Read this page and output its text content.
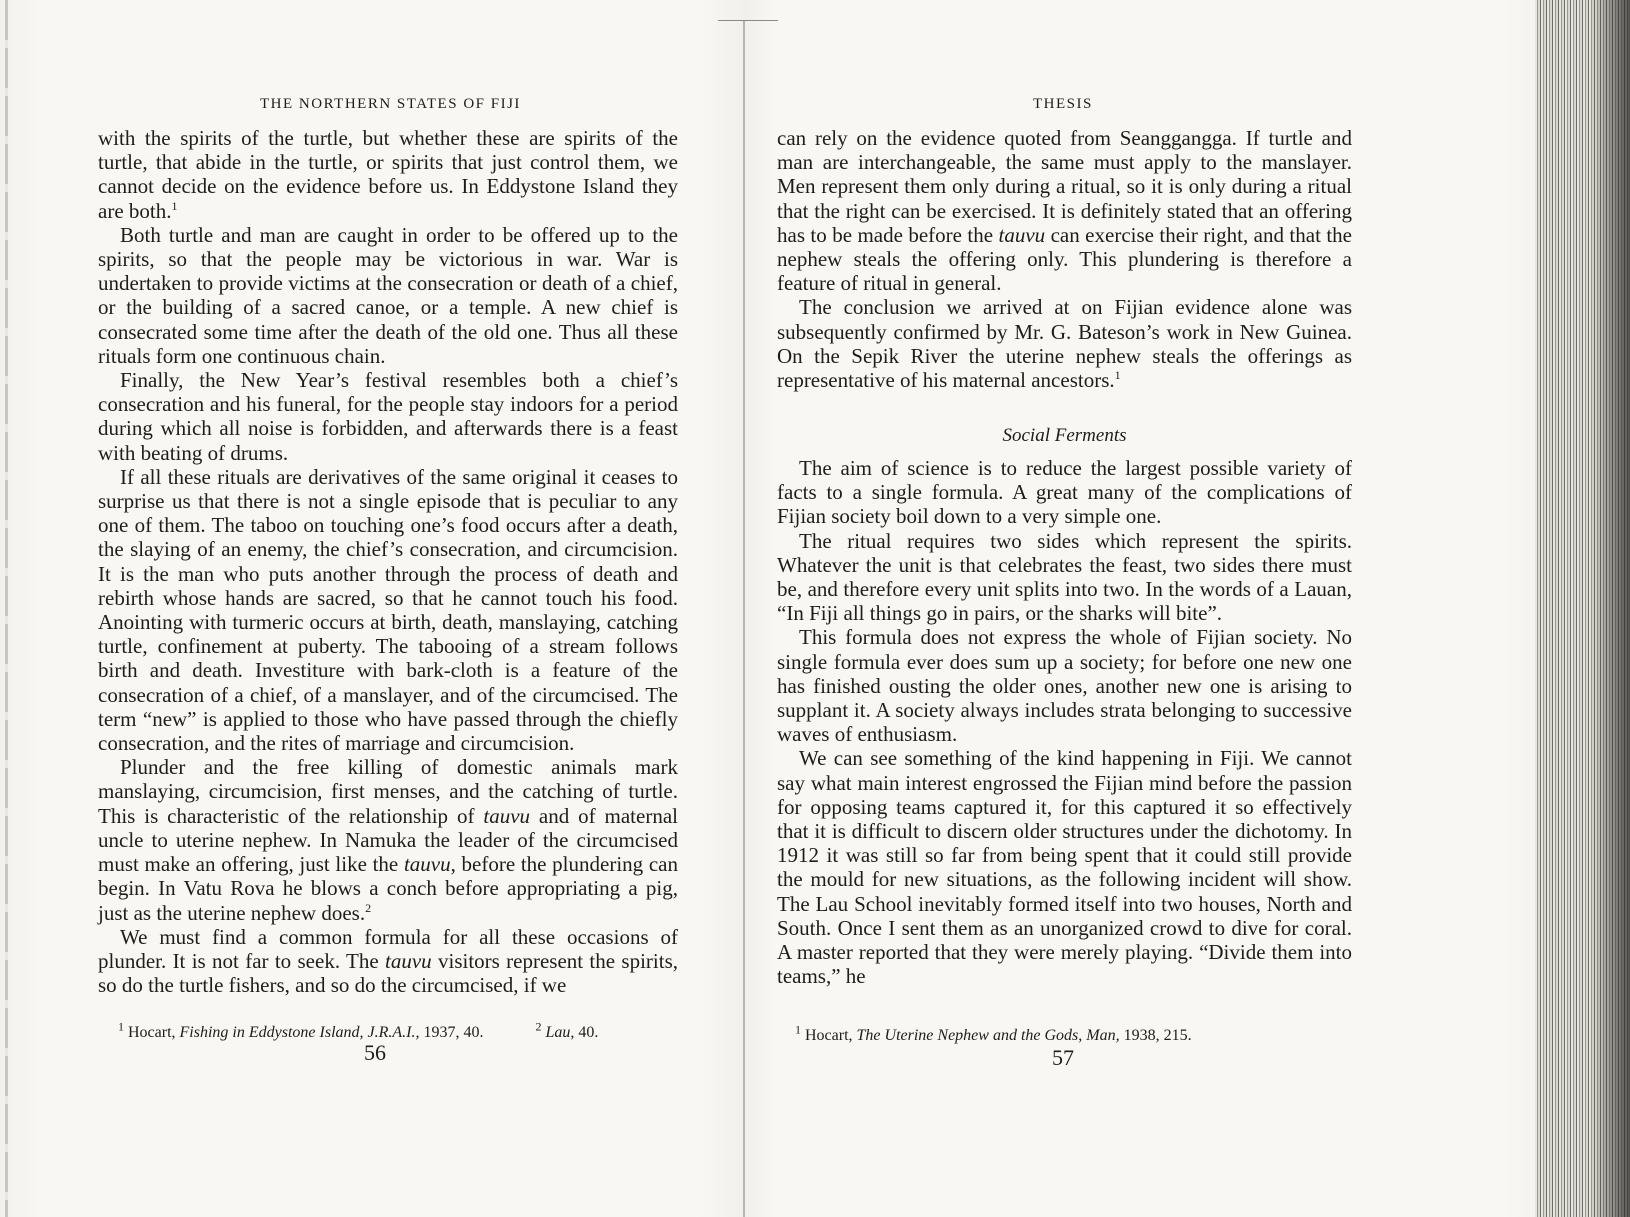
THE NORTHERN STATES OF FIJI

with the spirits of the turtle, but whether these are spirits of the turtle, that abide in the turtle, or spirits that just control them, we cannot decide on the evidence before us. In Eddystone Island they are both.$^1$

Both turtle and man are caught in order to be offered up to the spirits, so that the people may be victorious in war. War is undertaken to provide victims at the consecration or death of a chief, or the building of a sacred canoe, or a temple. A new chief is consecrated some time after the death of the old one. Thus all these rituals form one continuous chain.

Finally, the New Year’s festival resembles both a chief’s consecration and his funeral, for the people stay indoors for a period during which all noise is forbidden, and afterwards there is a feast with beating of drums.

If all these rituals are derivatives of the same original it ceases to surprise us that there is not a single episode that is peculiar to any one of them. The taboo on touching one’s food occurs after a death, the slaying of an enemy, the chief’s consecration, and circumcision. It is the man who puts another through the process of death and rebirth whose hands are sacred, so that he cannot touch his food. Anointing with turmeric occurs at birth, death, manslaying, catching turtle, confinement at puberty. The tabooing of a stream follows birth and death. Investiture with bark-cloth is a feature of the consecration of a chief, of a manslayer, and of the circumcised. The term “new” is applied to those who have passed through the chiefly consecration, and the rites of marriage and circumcision.

Plunder and the free killing of domestic animals mark manslaying, circumcision, first menses, and the catching of turtle. This is characteristic of the relationship of tauvu and of maternal uncle to uterine nephew. In Namuka the leader of the circumcised must make an offering, just like the tauvu, before the plundering can begin. In Vatu Rova he blows a conch before appropriating a pig, just as the uterine nephew does.$^2$

We must find a common formula for all these occasions of plunder. It is not far to seek. The tauvu visitors represent the spirits, so do the turtle fishers, and so do the circumcised, if we

$^1$ Hocart, Fishing in Eddystone Island, J.R.A.I., 1937, 40.	$^2$ Lau, 40.
56
THESIS

can rely on the evidence quoted from Seanggangga. If turtle and man are interchangeable, the same must apply to the manslayer. Men represent them only during a ritual, so it is only during a ritual that the right can be exercised. It is definitely stated that an offering has to be made before the tauvu can exercise their right, and that the nephew steals the offering only. This plundering is therefore a feature of ritual in general.

The conclusion we arrived at on Fijian evidence alone was subsequently confirmed by Mr. G. Bateson’s work in New Guinea. On the Sepik River the uterine nephew steals the offerings as representative of his maternal ancestors.$^1$

Social Ferments

The aim of science is to reduce the largest possible variety of facts to a single formula. A great many of the complications of Fijian society boil down to a very simple one.

The ritual requires two sides which represent the spirits. Whatever the unit is that celebrates the feast, two sides there must be, and therefore every unit splits into two. In the words of a Lauan, “In Fiji all things go in pairs, or the sharks will bite”.

This formula does not express the whole of Fijian society. No single formula ever does sum up a society; for before one new one has finished ousting the older ones, another new one is arising to supplant it. A society always includes strata belonging to successive waves of enthusiasm.

We can see something of the kind happening in Fiji. We cannot say what main interest engrossed the Fijian mind before the passion for opposing teams captured it, for this captured it so effectively that it is difficult to discern older structures under the dichotomy. In 1912 it was still so far from being spent that it could still provide the mould for new situations, as the following incident will show. The Lau School inevitably formed itself into two houses, North and South. Once I sent them as an unorganized crowd to dive for coral. A master reported that they were merely playing. “Divide them into teams,” he

$^1$ Hocart, The Uterine Nephew and the Gods, Man, 1938, 215.
57
